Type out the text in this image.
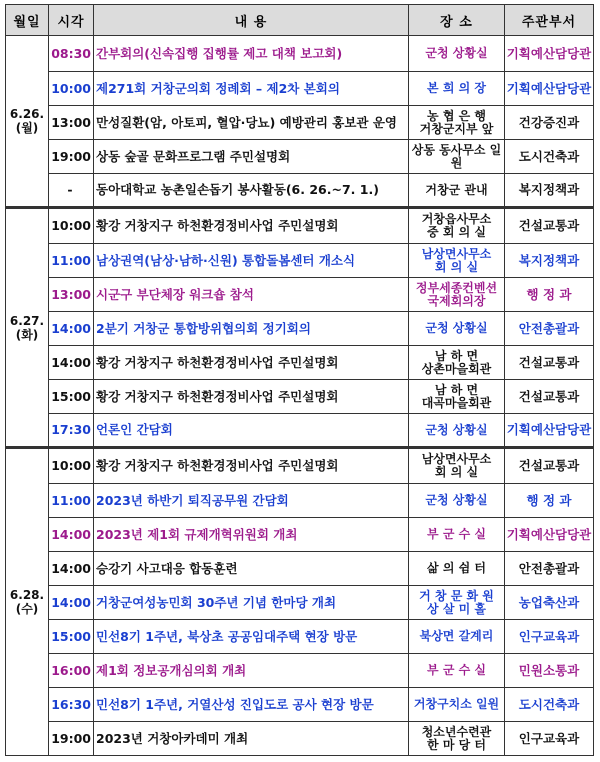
월일	시각	내 용	장 소	주관부서

6.26.
(월)	08:30	간부회의(신속집행 집행률 제고 대책 보고회)	군청 상황실	기획예산담당관
	10:00	제271회 거창군의회 정례회 – 제2차 본회의	본 희 의 장	기획예산담당관
	13:00	만성질환(암, 아토피, 혈압·당뇨) 예방관리 홍보관 운영	농 협 은 행
거창군지부 앞	건강증진과
	19:00	상동 숲골 문화프로그램 주민설명회	상동 동사무소 일원	도시건축과
	-	동아대학교 농촌일손돕기 봉사활동(6. 26.~7. 1.)	거창군 관내	복지정책과

6.27.
(화)	10:00	황강 거창지구 하천환경정비사업 주민설명회	거창읍사무소
중 회 의 실	건설교통과
	11:00	남상권역(남상·남하·신원) 통합돌봄센터 개소식	남상면사무소
회 의 실	복지정책과
	13:00	시군구 부단체장 워크숍 참석	정부세종컨벤션
국제회의장	행 정 과
	14:00	2분기 거창군 통합방위협의회 정기회의	군청 상황실	안전총괄과
	14:00	황강 거창지구 하천환경정비사업 주민설명회	남 하 면
상촌마을회관	건설교통과
	15:00	황강 거창지구 하천환경정비사업 주민설명회	남 하 면
대곡마을회관	건설교통과
	17:30	언론인 간담회	군청 상황실	기획예산담당관

6.28.
(수)	10:00	황강 거창지구 하천환경정비사업 주민설명회	남상면사무소
회 의 실	건설교통과
	11:00	2023년 하반기 퇴직공무원 간담회	군청 상황실	행 정 과
	14:00	2023년 제1회 규제개혁위원회 개최	부 군 수 실	기획예산담당관
	14:00	승강기 사고대응 합동훈련	삶 의 쉼 터	안전총괄과
	14:00	거창군여성농민회 30주년 기념 한마당 개최	거 창 문 화 원
상 살 미 홀	농업축산과
	15:00	민선8기 1주년, 북상초 공공임대주택 현장 방문	북상면 갈계리	인구교육과
	16:00	제1회 정보공개심의회 개최	부 군 수 실	민원소통과
	16:30	민선8기 1주년, 거열산성 진입도로 공사 현장 방문	거창구치소 일원	도시건축과
	19:00	2023년 거창아카데미 개최	청소년수련관
한 마 당 터	인구교육과
